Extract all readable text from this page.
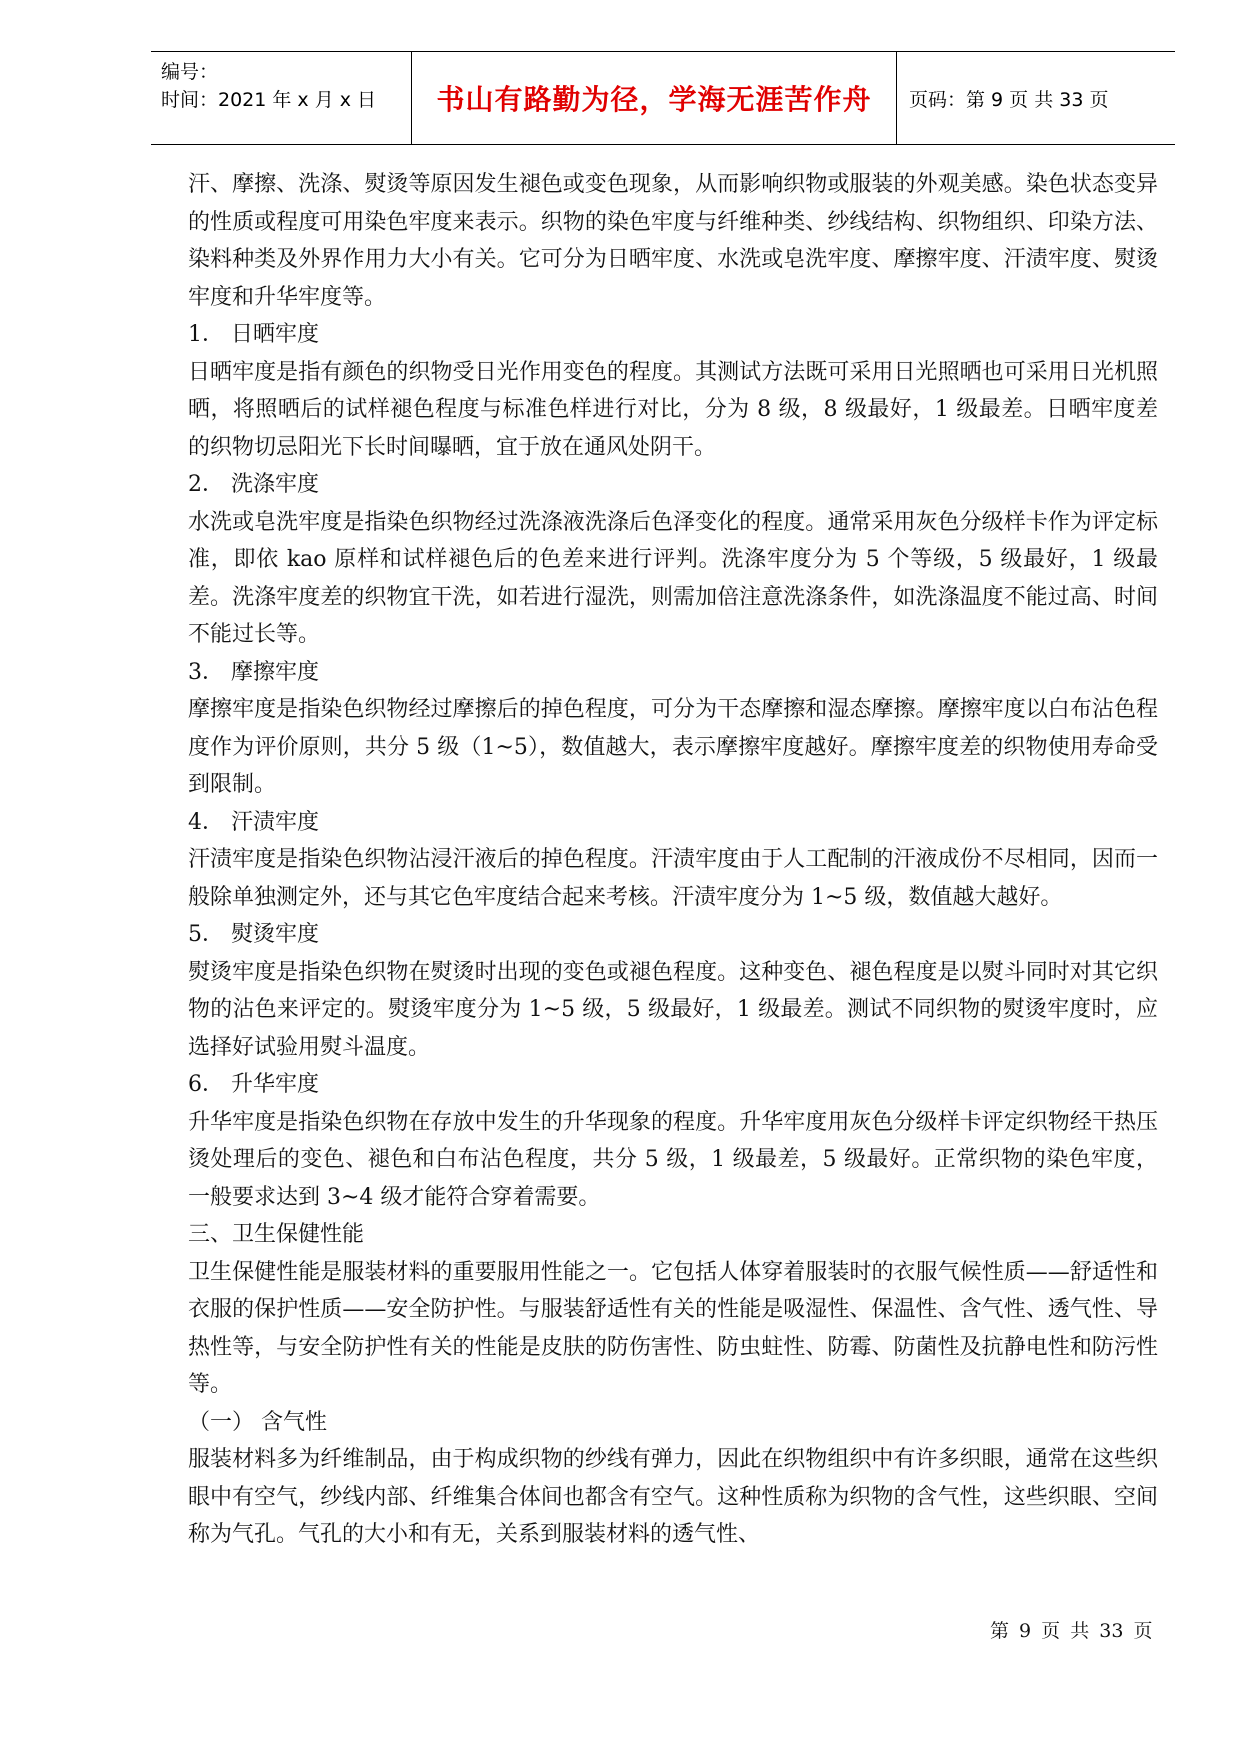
编号：
时间：2021 年 x 月 x 日	书山有路勤为径，学海无涯苦作舟 页码：第 9 页 共 33 页

汗、摩擦、洗涤、熨烫等原因发生褪色或变色现象，从而影响织物或服装的外观美感。染色状态变异的性质或程度可用染色牢度来表示。织物的染色牢度与纤维种类、纱线结构、织物组织、印染方法、染料种类及外界作用力大小有关。它可分为日晒牢度、水洗或皂洗牢度、摩擦牢度、汗渍牢度、熨烫牢度和升华牢度等。

1． 日晒牢度

日晒牢度是指有颜色的织物受日光作用变色的程度。其测试方法既可采用日光照晒也可采用日光机照晒，将照晒后的试样褪色程度与标准色样进行对比，分为 8 级，8 级最好，1 级最差。日晒牢度差的织物切忌阳光下长时间曝晒，宜于放在通风处阴干。

2． 洗涤牢度

水洗或皂洗牢度是指染色织物经过洗涤液洗涤后色泽变化的程度。通常采用灰色分级样卡作为评定标准，即依 kao 原样和试样褪色后的色差来进行评判。洗涤牢度分为 5 个等级，5 级最好，1 级最差。洗涤牢度差的织物宜干洗，如若进行湿洗，则需加倍注意洗涤条件，如洗涤温度不能过高、时间不能过长等。

3． 摩擦牢度

摩擦牢度是指染色织物经过摩擦后的掉色程度，可分为干态摩擦和湿态摩擦。摩擦牢度以白布沾色程度作为评价原则，共分 5 级（1~5），数值越大，表示摩擦牢度越好。摩擦牢度差的织物使用寿命受到限制。

4． 汗渍牢度

汗渍牢度是指染色织物沾浸汗液后的掉色程度。汗渍牢度由于人工配制的汗液成份不尽相同，因而一般除单独测定外，还与其它色牢度结合起来考核。汗渍牢度分为 1~5 级，数值越大越好。

5． 熨烫牢度

熨烫牢度是指染色织物在熨烫时出现的变色或褪色程度。这种变色、褪色程度是以熨斗同时对其它织物的沾色来评定的。熨烫牢度分为 1~5 级，5 级最好，1 级最差。测试不同织物的熨烫牢度时，应选择好试验用熨斗温度。

6． 升华牢度

升华牢度是指染色织物在存放中发生的升华现象的程度。升华牢度用灰色分级样卡评定织物经干热压烫处理后的变色、褪色和白布沾色程度，共分 5 级，1 级最差，5 级最好。正常织物的染色牢度，一般要求达到 3~4 级才能符合穿着需要。

三、卫生保健性能

卫生保健性能是服装材料的重要服用性能之一。它包括人体穿着服装时的衣服气候性质——舒适性和衣服的保护性质——安全防护性。与服装舒适性有关的性能是吸湿性、保温性、含气性、透气性、导热性等，与安全防护性有关的性能是皮肤的防伤害性、防虫蛀性、防霉、防菌性及抗静电性和防污性等。

（一） 含气性

服装材料多为纤维制品，由于构成织物的纱线有弹力，因此在织物组织中有许多织眼，通常在这些织眼中有空气，纱线内部、纤维集合体间也都含有空气。这种性质称为织物的含气性，这些织眼、空间称为气孔。气孔的大小和有无，关系到服装材料的透气性、

第 9 页 共 33 页
